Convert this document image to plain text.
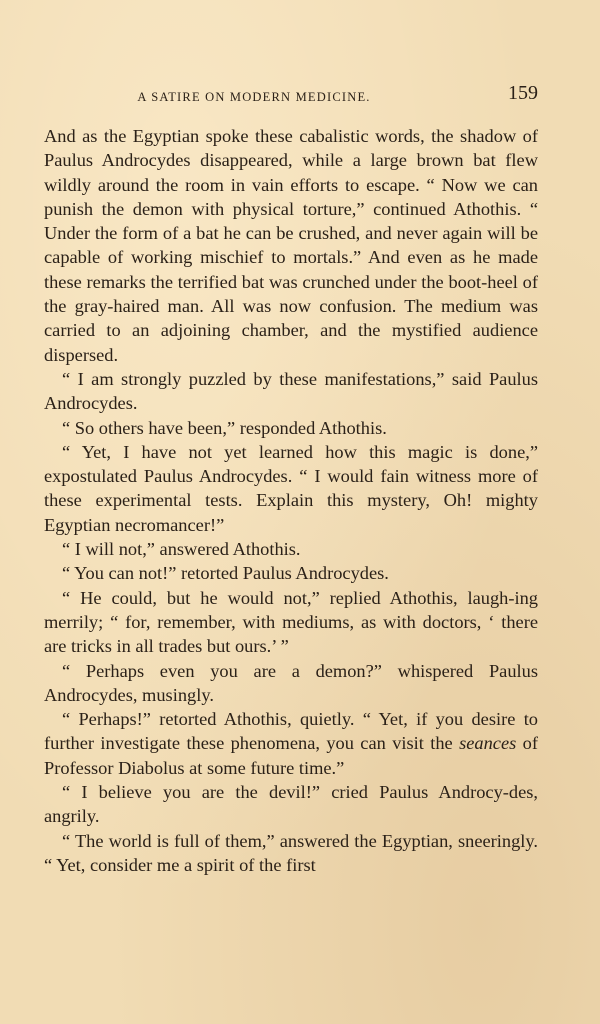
A SATIRE ON MODERN MEDICINE.	159

And as the Egyptian spoke these cabalistic words, the shadow of Paulus Androcydes disappeared, while a large brown bat flew wildly around the room in vain efforts to escape. “ Now we can punish the demon with physical torture,” continued Athothis. “ Under the form of a bat he can be crushed, and never again will be capable of working mischief to mortals.” And even as he made these remarks the terrified bat was crunched under the boot-heel of the gray-haired man. All was now confusion. The medium was carried to an adjoining chamber, and the mystified audience dispersed.

“ I am strongly puzzled by these manifestations,” said Paulus Androcydes.

“ So others have been,” responded Athothis.

“ Yet, I have not yet learned how this magic is done,” expostulated Paulus Androcydes. “ I would fain witness more of these experimental tests. Explain this mystery, Oh! mighty Egyptian necromancer!”

“ I will not,” answered Athothis.

“ You can not!” retorted Paulus Androcydes.

“ He could, but he would not,” replied Athothis, laugh-ing merrily; “ for, remember, with mediums, as with doctors, ‘ there are tricks in all trades but ours.’ ”

“ Perhaps even you are a demon?” whispered Paulus Androcydes, musingly.

“ Perhaps!” retorted Athothis, quietly. “ Yet, if you desire to further investigate these phenomena, you can visit the seances of Professor Diabolus at some future time.”

“ I believe you are the devil!” cried Paulus Androcy-des, angrily.

“ The world is full of them,” answered the Egyptian, sneeringly. “ Yet, consider me a spirit of the first
